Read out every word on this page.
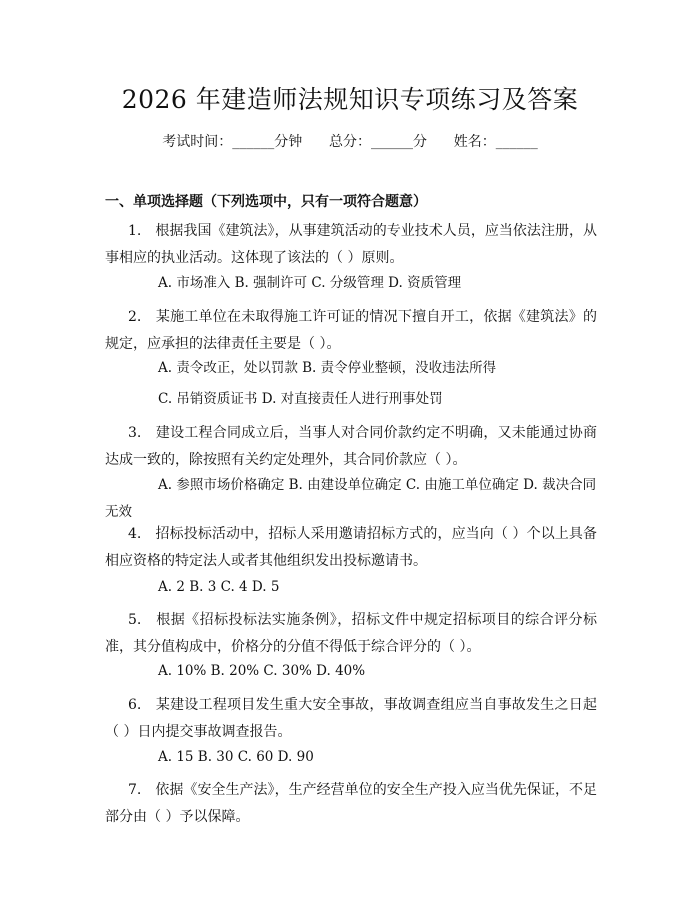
2026 年建造师法规知识专项练习及答案
考试时间：______分钟      总分：______分      姓名：______
一、单项选择题（下列选项中，只有一项符合题意）

1.　根据我国《建筑法》，从事建筑活动的专业技术人员，应当依法注册，从事相应的执业活动。这体现了该法的（ ）原则。

A. 市场准入 B. 强制许可 C. 分级管理 D. 资质管理

2.　某施工单位在未取得施工许可证的情况下擅自开工，依据《建筑法》的规定，应承担的法律责任主要是（ ）。

A. 责令改正，处以罚款 B. 责令停业整顿，没收违法所得

C. 吊销资质证书 D. 对直接责任人进行刑事处罚

3.　建设工程合同成立后，当事人对合同价款约定不明确，又未能通过协商达成一致的，除按照有关约定处理外，其合同价款应（ ）。

A. 参照市场价格确定 B. 由建设单位确定 C. 由施工单位确定 D. 裁决合同无效

4.　招标投标活动中，招标人采用邀请招标方式的，应当向（ ）个以上具备相应资格的特定法人或者其他组织发出投标邀请书。

A. 2 B. 3 C. 4 D. 5

5.　根据《招标投标法实施条例》，招标文件中规定招标项目的综合评分标准，其分值构成中，价格分的分值不得低于综合评分的（ ）。

A. 10% B. 20% C. 30% D. 40%

6.　某建设工程项目发生重大安全事故，事故调查组应当自事故发生之日起（ ）日内提交事故调查报告。

A. 15 B. 30 C. 60 D. 90

7.　依据《安全生产法》，生产经营单位的安全生产投入应当优先保证，不足部分由（ ）予以保障。
